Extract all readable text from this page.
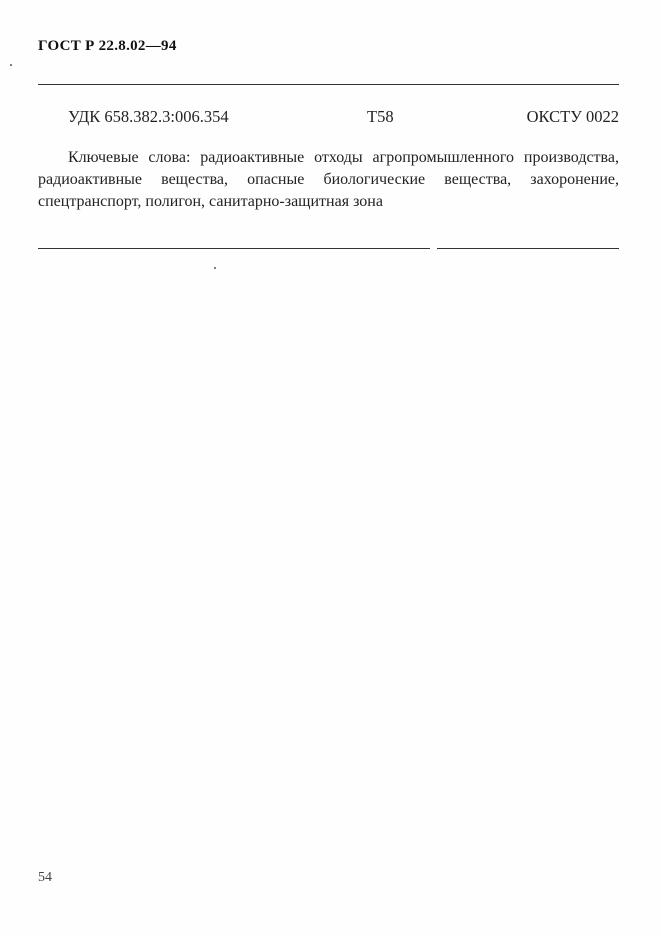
ГОСТ Р 22.8.02—94
УДК 658.382.3:006.354	Т58	ОКСТУ 0022
Ключевые слова: радиоактивные отходы агропромышленного производства, радиоактивные вещества, опасные биологические вещества, захоронение, спецтранспорт, полигон, санитарно-защитная зона
54
